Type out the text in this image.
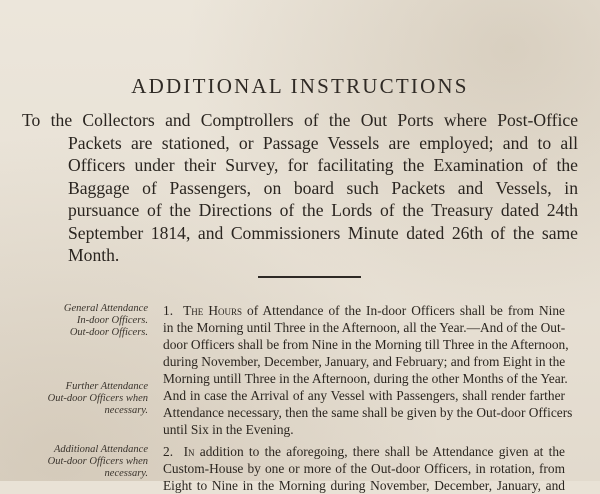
ADDITIONAL INSTRUCTIONS
To the Collectors and Comptrollers of the Out Ports where Post-Office
Packets are stationed, or Passage Vessels are employed; and to all
Officers under their Survey, for facilitating the Examination of the
Baggage of Passengers, on board such Packets and Vessels, in
pursuance of the Directions of the Lords of the Treasury dated 24th
September 1814, and Commissioners Minute dated 26th of the same
Month.
General Attendance
In-door Officers.
Out-door Officers.
Further Attendance
Out-door Officers when
necessary.
Additional Attendance
Out-door Officers when
necessary.
1. The Hours of Attendance of the In-door Officers shall be from Nine
in the Morning until Three in the Afternoon, all the Year.—And of the Out-
door Officers shall be from Nine in the Morning till Three in the Afternoon,
during November, December, January, and February; and from Eight in the
Morning untill Three in the Afternoon, during the other Months of the Year.
And in case the Arrival of any Vessel with Passengers, shall render farther
Attendance necessary, then the same shall be given by the Out-door Officers
until Six in the Evening.
2. In addition to the aforegoing, there shall be Attendance given at the
Custom-House by one or more of the Out-door Officers, in rotation, from
Eight to Nine in the Morning during November, December, January, and
